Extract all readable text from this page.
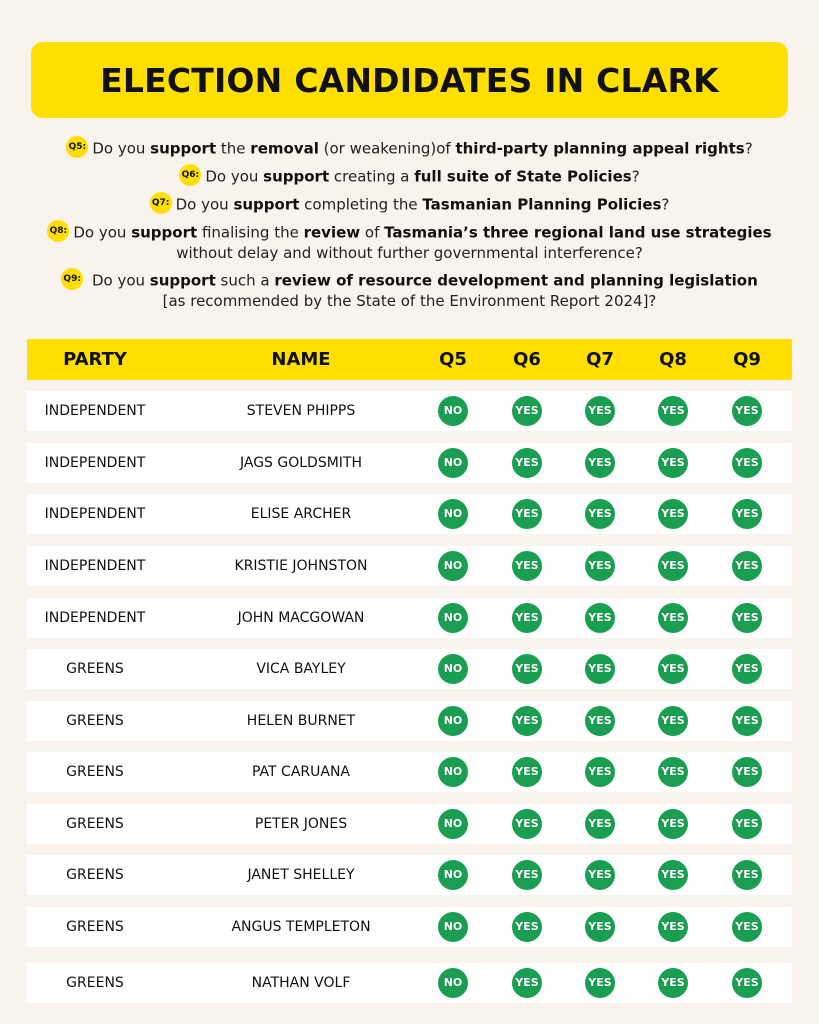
ELECTION CANDIDATES IN CLARK
Q5: Do you support the removal (or weakening)of third-party planning appeal rights?
Q6: Do you support creating a full suite of State Policies?
Q7: Do you support completing the Tasmanian Planning Policies?
Q8: Do you support finalising the review of Tasmania’s three regional land use strategies
without delay and without further governmental interference?
Q9: Do you support such a review of resource development and planning legislation
[as recommended by the State of the Environment Report 2024]?
PARTY	NAME	Q5	Q6	Q7	Q8	Q9
INDEPENDENT	STEVEN PHIPPS	NO	YES	YES	YES	YES
INDEPENDENT	JAGS GOLDSMITH	NO	YES	YES	YES	YES
INDEPENDENT	ELISE ARCHER	NO	YES	YES	YES	YES
INDEPENDENT	KRISTIE JOHNSTON	NO	YES	YES	YES	YES
INDEPENDENT	JOHN MACGOWAN	NO	YES	YES	YES	YES
GREENS	VICA BAYLEY	NO	YES	YES	YES	YES
GREENS	HELEN BURNET	NO	YES	YES	YES	YES
GREENS	PAT CARUANA	NO	YES	YES	YES	YES
GREENS	PETER JONES	NO	YES	YES	YES	YES
GREENS	JANET SHELLEY	NO	YES	YES	YES	YES
GREENS	ANGUS TEMPLETON	NO	YES	YES	YES	YES
GREENS	NATHAN VOLF	NO	YES	YES	YES	YES
